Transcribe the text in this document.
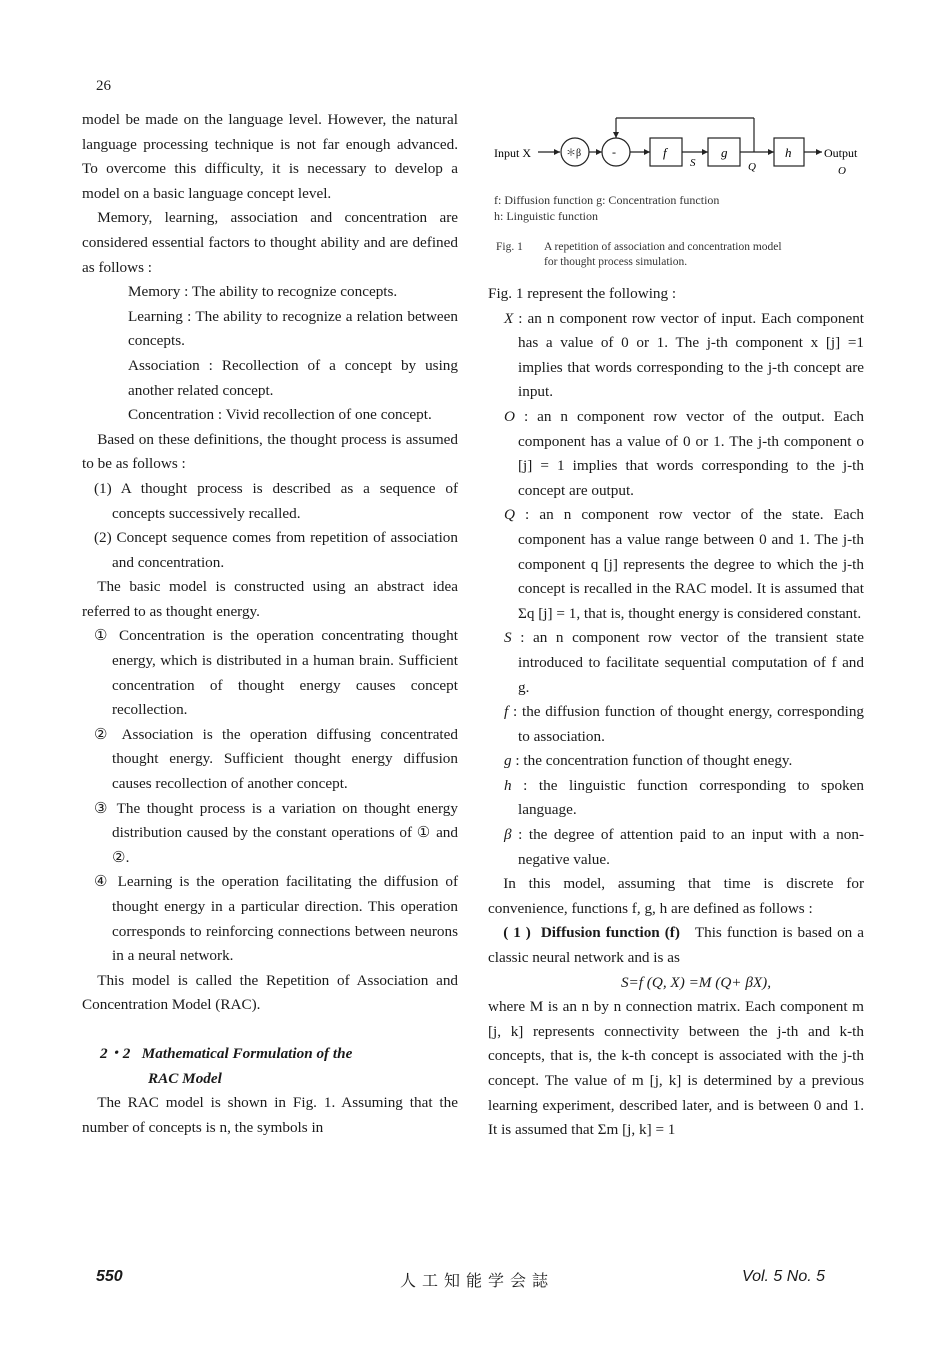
26

model be made on the language level. However, the natural language processing technique is not far enough advanced. To overcome this difficulty, it is necessary to develop a model on a basic language concept level.

Memory, learning, association and concentration are considered essential factors to thought ability and are defined as follows :

Memory : The ability to recognize concepts.

Learning : The ability to recognize a relation between concepts.

Association : Recollection of a concept by using another related concept.

Concentration : Vivid recollection of one concept.

Based on these definitions, the thought process is assumed to be as follows :

(1) A thought process is described as a sequence of concepts successively recalled.

(2) Concept sequence comes from repetition of association and concentration.

The basic model is constructed using an abstract idea referred to as thought energy.

① Concentration is the operation concentrating thought energy, which is distributed in a human brain. Sufficient concentration of thought energy causes concept recollection.

② Association is the operation diffusing concentrated thought energy. Sufficient thought energy diffusion causes recollection of another concept.

③ The thought process is a variation on thought energy distribution caused by the constant operations of ① and ②.

④ Learning is the operation facilitating the diffusion of thought energy in a particular direction. This operation corresponds to reinforcing connections between neurons in a neural network.

This model is called the Repetition of Association and Concentration Model (RAC).

2・2 Mathematical Formulation of the
RAC Model

The RAC model is shown in Fig. 1. Assuming that the number of concepts is n, the symbols in

Input X	＊β	-	f	g	h
S	Q
Output
O
f: Diffusion function g: Concentration function
h: Linguistic function
Fig. 1 A repetition of association and concentration model
for thought process simulation.

Fig. 1 represent the following :

X : an n component row vector of input. Each component has a value of 0 or 1. The j-th component x [j] =1 implies that words corresponding to the j-th concept are input.

O : an n component row vector of the output. Each component has a value of 0 or 1. The j-th component o [j] = 1 implies that words corresponding to the j-th concept are output.

Q : an n component row vector of the state. Each component has a value range between 0 and 1. The j-th component q [j] represents the degree to which the j-th concept is recalled in the RAC model. It is assumed that Σq [j] = 1, that is, thought energy is considered constant.

S : an n component row vector of the transient state introduced to facilitate sequential computation of f and g.

f : the diffusion function of thought energy, corresponding to association.

g : the concentration function of thought enegy.

h : the linguistic function corresponding to spoken language.

β : the degree of attention paid to an input with a non-negative value.

In this model, assuming that time is discrete for convenience, functions f, g, h are defined as follows :

( 1 ) Diffusion function (f) This function is based on a classic neural network and is as

S=f (Q, X) =M (Q+ βX),

where M is an n by n connection matrix. Each component m [j, k] represents connectivity between the j-th and k-th concepts, that is, the k-th concept is associated with the j-th concept. The value of m [j, k] is determined by a previous learning experiment, described later, and is between 0 and 1. It is assumed that Σm [j, k] = 1

550	人工知能学会誌	Vol. 5 No. 5
